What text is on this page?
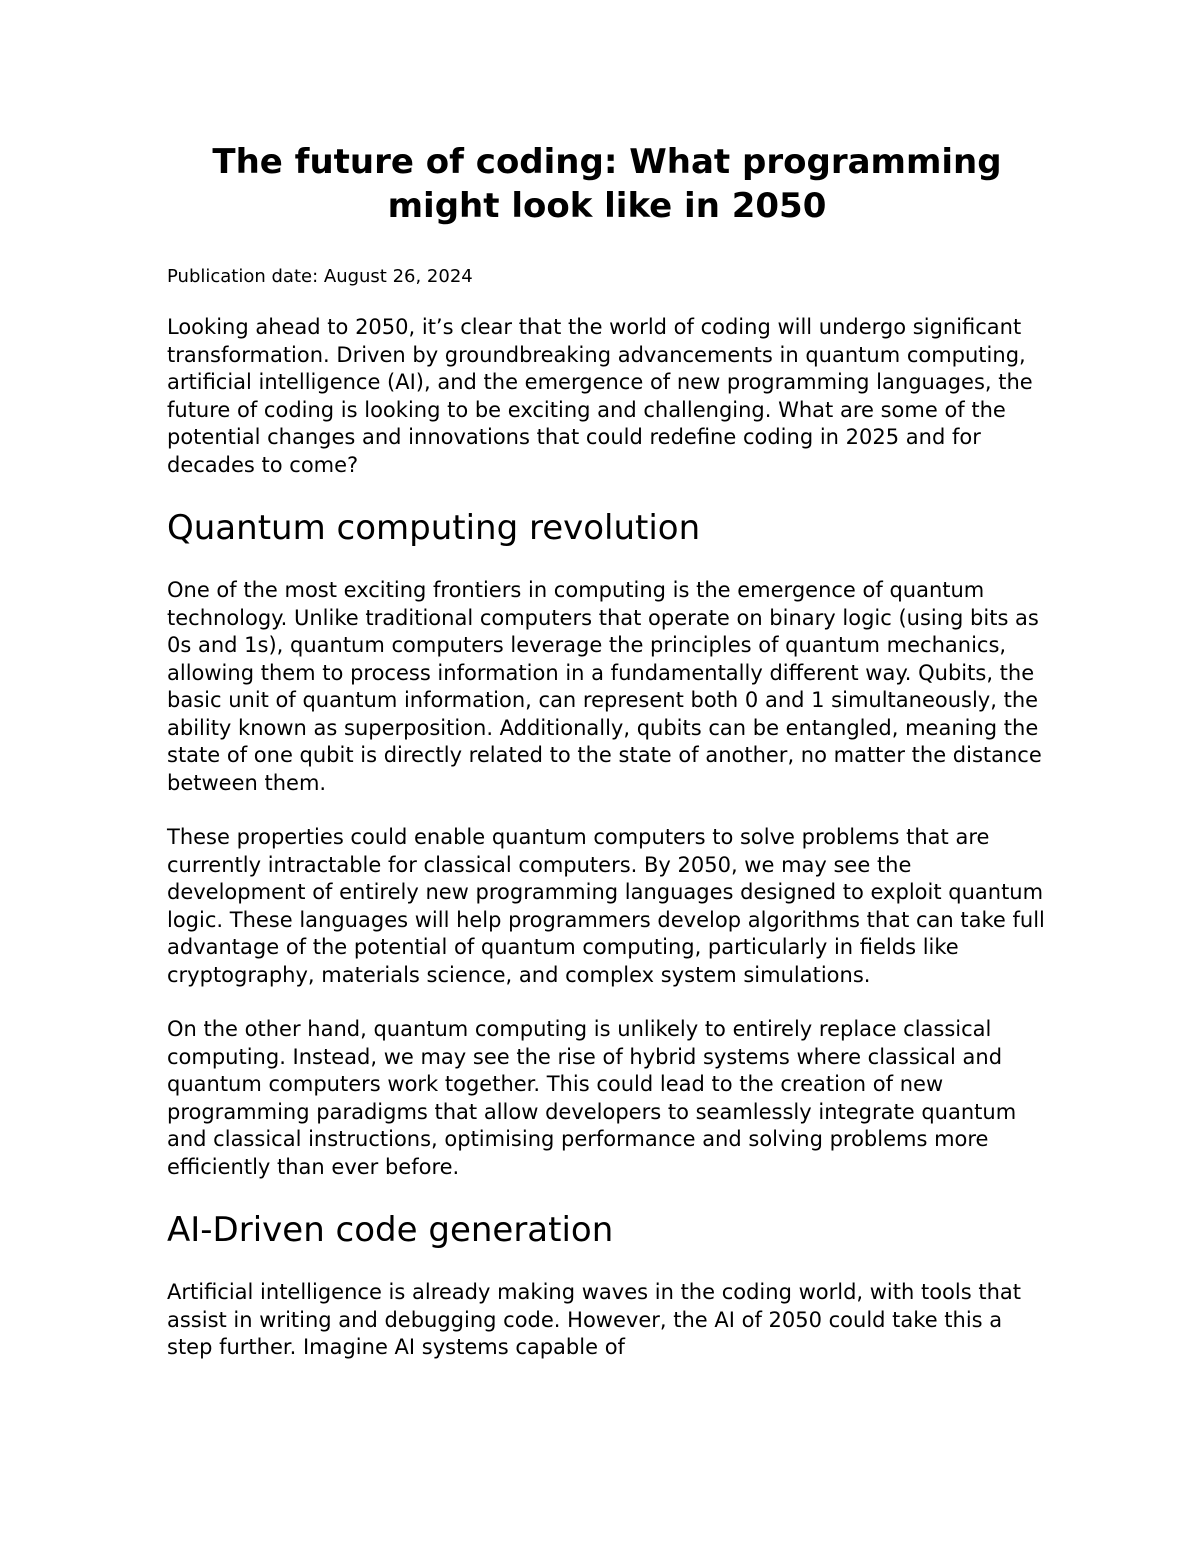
The future of coding: What programming might look like in 2050

Publication date: August 26, 2024

Looking ahead to 2050, it’s clear that the world of coding will undergo significant transformation. Driven by groundbreaking advancements in quantum computing, artificial intelligence (AI), and the emergence of new programming languages, the future of coding is looking to be exciting and challenging. What are some of the potential changes and innovations that could redefine coding in 2025 and for decades to come?

Quantum computing revolution

One of the most exciting frontiers in computing is the emergence of quantum technology. Unlike traditional computers that operate on binary logic (using bits as 0s and 1s), quantum computers leverage the principles of quantum mechanics, allowing them to process information in a fundamentally different way. Qubits, the basic unit of quantum information, can represent both 0 and 1 simultaneously, the ability known as superposition. Additionally, qubits can be entangled, meaning the state of one qubit is directly related to the state of another, no matter the distance between them.

These properties could enable quantum computers to solve problems that are currently intractable for classical computers. By 2050, we may see the development of entirely new programming languages designed to exploit quantum logic. These languages will help programmers develop algorithms that can take full advantage of the potential of quantum computing, particularly in fields like cryptography, materials science, and complex system simulations.

On the other hand, quantum computing is unlikely to entirely replace classical computing. Instead, we may see the rise of hybrid systems where classical and quantum computers work together. This could lead to the creation of new programming paradigms that allow developers to seamlessly integrate quantum and classical instructions, optimising performance and solving problems more efficiently than ever before.

AI-Driven code generation

Artificial intelligence is already making waves in the coding world, with tools that assist in writing and debugging code. However, the AI of 2050 could take this a step further. Imagine AI systems capable of
